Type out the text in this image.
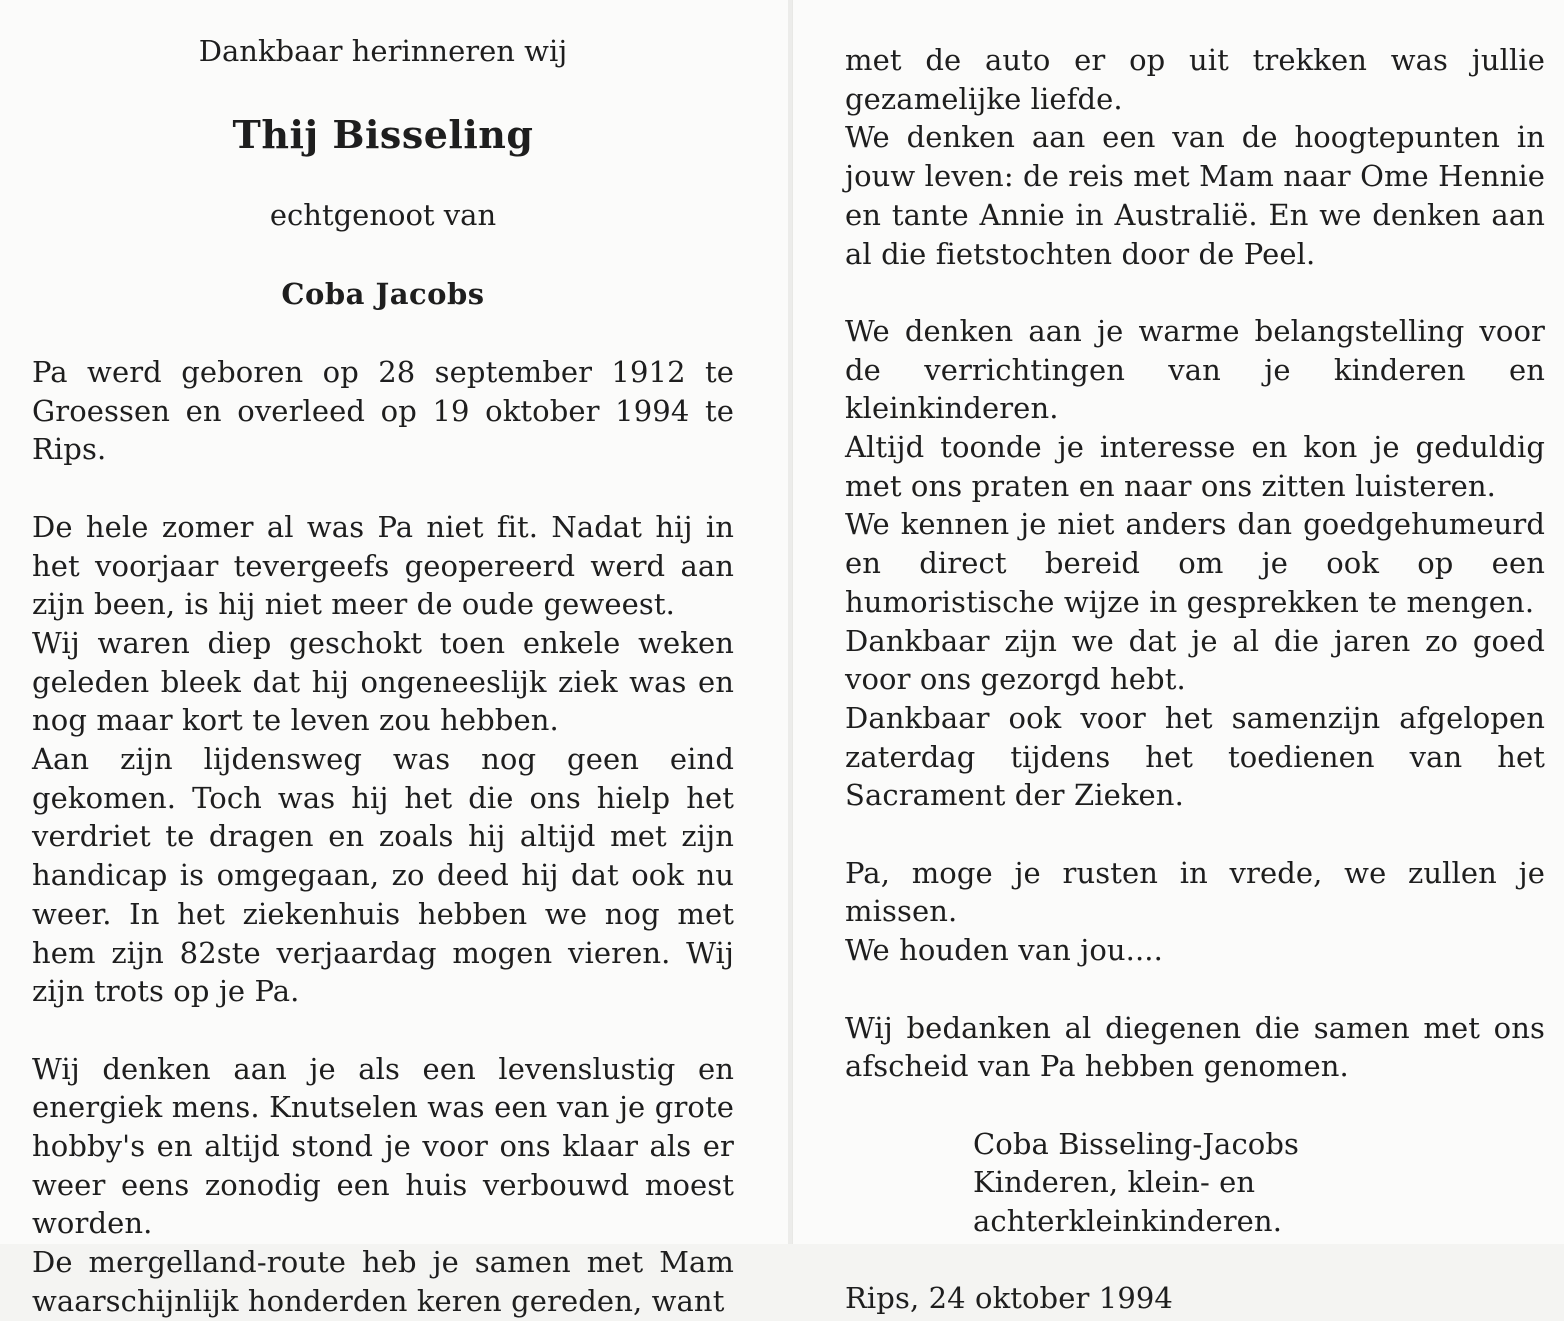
Dankbaar herinneren wij
Thij Bisseling
echtgenoot van
Coba Jacobs

Pa werd geboren op 28 september 1912 te Groessen en overleed op 19 oktober 1994 te Rips.

De hele zomer al was Pa niet fit. Nadat hij in het voorjaar tevergeefs geopereerd werd aan zijn been, is hij niet meer de oude geweest.

Wij waren diep geschokt toen enkele weken geleden bleek dat hij ongeneeslijk ziek was en nog maar kort te leven zou hebben.

Aan zijn lijdensweg was nog geen eind gekomen. Toch was hij het die ons hielp het verdriet te dragen en zoals hij altijd met zijn handicap is omgegaan, zo deed hij dat ook nu weer. In het ziekenhuis hebben we nog met hem zijn 82ste verjaardag mogen vieren. Wij zijn trots op je Pa.

Wij denken aan je als een levenslustig en energiek mens. Knutselen was een van je grote hobby's en altijd stond je voor ons klaar als er weer eens zonodig een huis verbouwd moest worden.

De mergelland-route heb je samen met Mam waarschijnlijk honderden keren gereden, want

met de auto er op uit trekken was jullie gezamelijke liefde.

We denken aan een van de hoogtepunten in jouw leven: de reis met Mam naar Ome Hennie en tante Annie in Australië. En we denken aan al die fietstochten door de Peel.

We denken aan je warme belangstelling voor de verrichtingen van je kinderen en kleinkinderen.

Altijd toonde je interesse en kon je geduldig met ons praten en naar ons zitten luisteren.

We kennen je niet anders dan goedgehumeurd en direct bereid om je ook op een humoristische wijze in gesprekken te mengen.

Dankbaar zijn we dat je al die jaren zo goed voor ons gezorgd hebt.

Dankbaar ook voor het samenzijn afgelopen zaterdag tijdens het toedienen van het Sacrament der Zieken.

Pa, moge je rusten in vrede, we zullen je missen.

We houden van jou....

Wij bedanken al diegenen die samen met ons afscheid van Pa hebben genomen.

Coba Bisseling-Jacobs

Kinderen, klein- en achterkleinkinderen.

Rips, 24 oktober 1994
